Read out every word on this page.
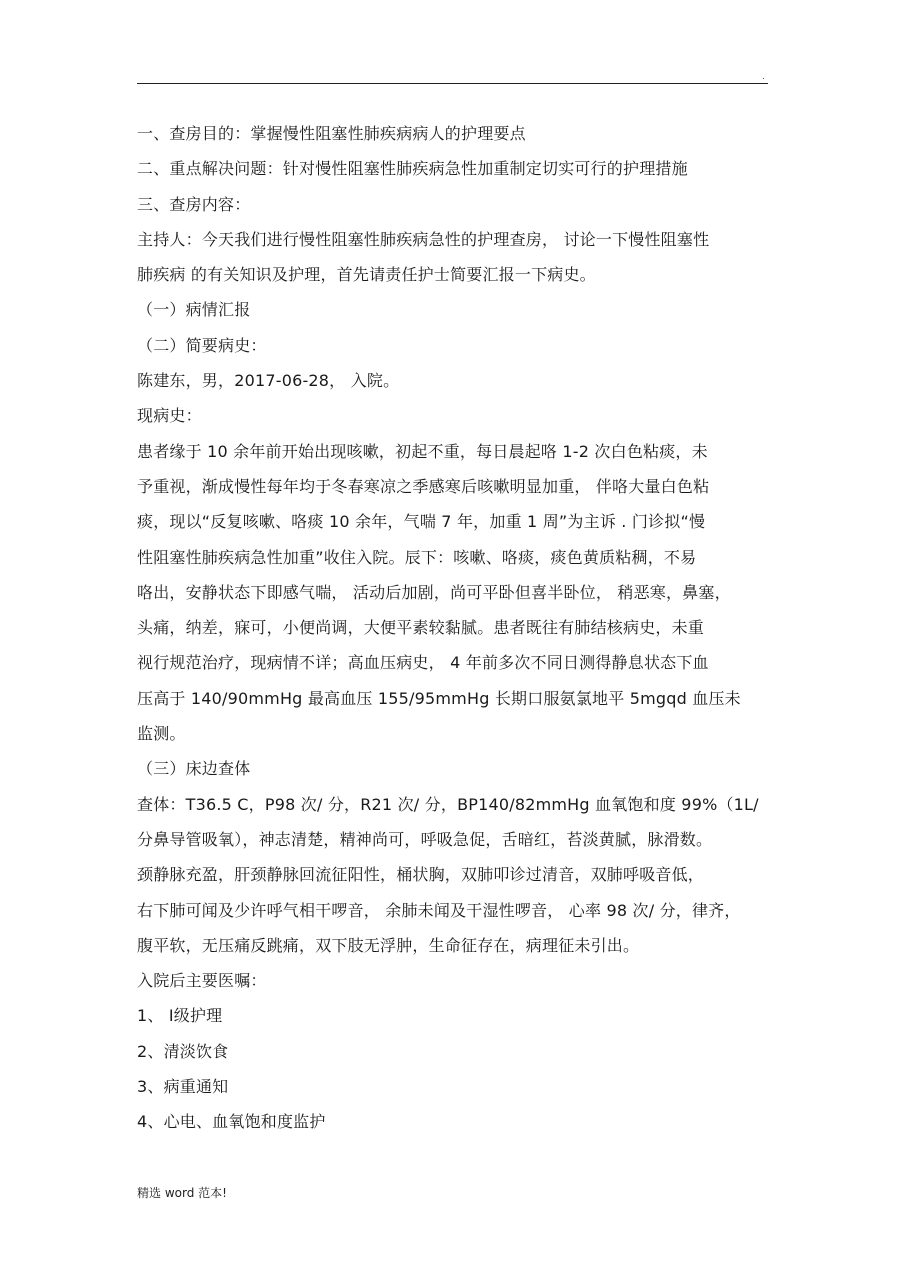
.
一、查房目的：掌握慢性阻塞性肺疾病病人的护理要点
二、重点解决问题：针对慢性阻塞性肺疾病急性加重制定切实可行的护理措施
三、查房内容：
主持人：今天我们进行慢性阻塞性肺疾病急性的护理查房， 讨论一下慢性阻塞性
肺疾病 的有关知识及护理，首先请责任护士简要汇报一下病史。
（一）病情汇报
（二）简要病史：
陈建东，男，2017-06-28， 入院。
现病史：
患者缘于 10 余年前开始出现咳嗽，初起不重，每日晨起咯 1-2 次白色粘痰，未
予重视，渐成慢性每年均于冬春寒凉之季感寒后咳嗽明显加重， 伴咯大量白色粘
痰，现以“反复咳嗽、咯痰 10 余年，气喘 7 年，加重 1 周”为主诉 . 门诊拟“慢
性阻塞性肺疾病急性加重”收住入院。辰下：咳嗽、咯痰，痰色黄质粘稠，不易
咯出，安静状态下即感气喘， 活动后加剧，尚可平卧但喜半卧位， 稍恶寒，鼻塞，
头痛，纳差，寐可，小便尚调，大便平素较黏腻。患者既往有肺结核病史，未重
视行规范治疗，现病情不详；高血压病史， 4 年前多次不同日测得静息状态下血
压高于 140/90mmHg 最高血压 155/95mmHg 长期口服氨氯地平 5mgqd 血压未
监测。
（三）床边查体
查体：T36.5 C，P98 次/ 分，R21 次/ 分，BP140/82mmHg 血氧饱和度 99%（1L/
分鼻导管吸氧），神志清楚，精神尚可，呼吸急促，舌暗红，苔淡黄腻，脉滑数。
颈静脉充盈，肝颈静脉回流征阳性，桶状胸，双肺叩诊过清音，双肺呼吸音低，
右下肺可闻及少许呼气相干啰音， 余肺未闻及干湿性啰音， 心率 98 次/ 分，律齐，
腹平软，无压痛反跳痛，双下肢无浮肿，生命征存在，病理征未引出。
入院后主要医嘱：
1、 Ⅰ级护理
2、清淡饮食
3、病重通知
4、心电、血氧饱和度监护
精选 word 范本!
